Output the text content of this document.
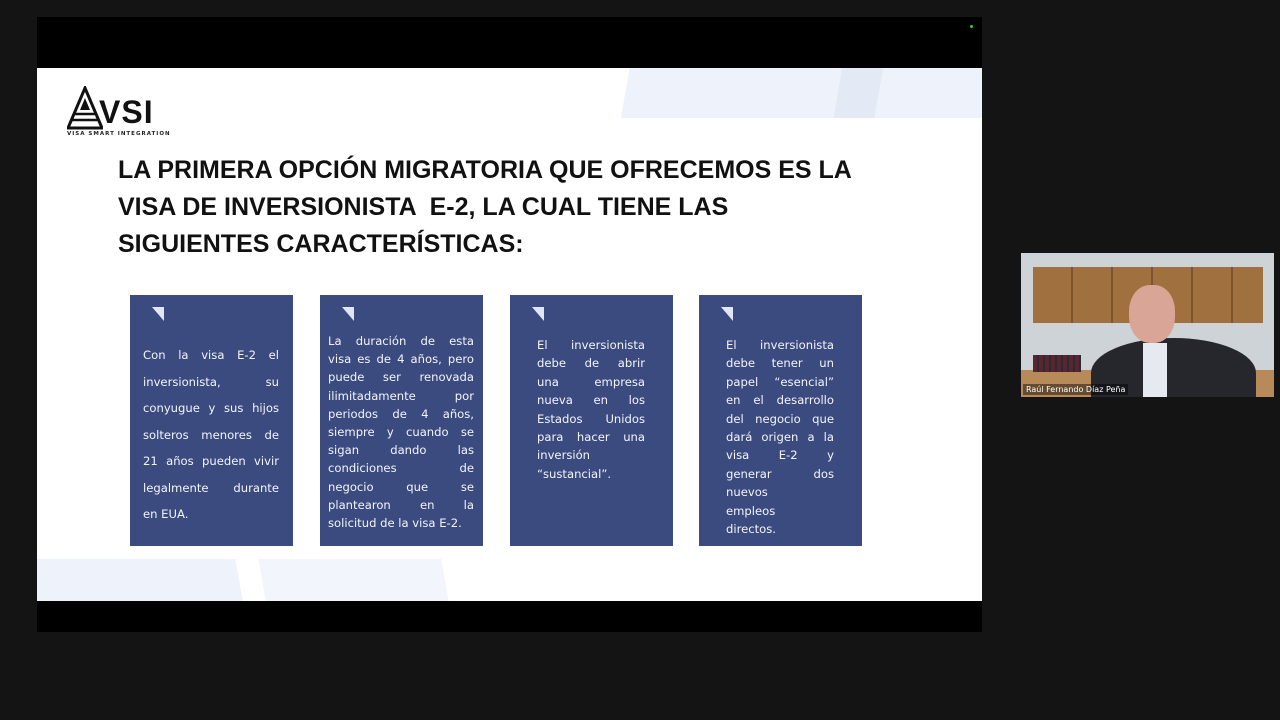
VSI
VISA SMART INTEGRATION
LA PRIMERA OPCIÓN MIGRATORIA QUE OFRECEMOS ES LA
VISA DE INVERSIONISTA  E-2, LA CUAL TIENE LAS
SIGUIENTES CARACTERÍSTICAS:
Con la visa E-2 el
inversionista, su
conyugue y sus hijos
solteros menores de
21 años pueden vivir
legalmente durante
en EUA.
La duración de esta
visa es de 4 años, pero
puede ser renovada
ilimitadamente por
periodos de 4 años,
siempre y cuando se
sigan dando las
condiciones de
negocio que se
plantearon en la
solicitud de la visa E-2.
El inversionista
debe de abrir
una empresa
nueva en los
Estados Unidos
para hacer una
inversión
“sustancial”.
El inversionista
debe tener un
papel “esencial”
en el desarrollo
del negocio que
dará origen a la
visa E-2 y
generar dos
nuevos
empleos
directos.
Raúl Fernando Díaz Peña
